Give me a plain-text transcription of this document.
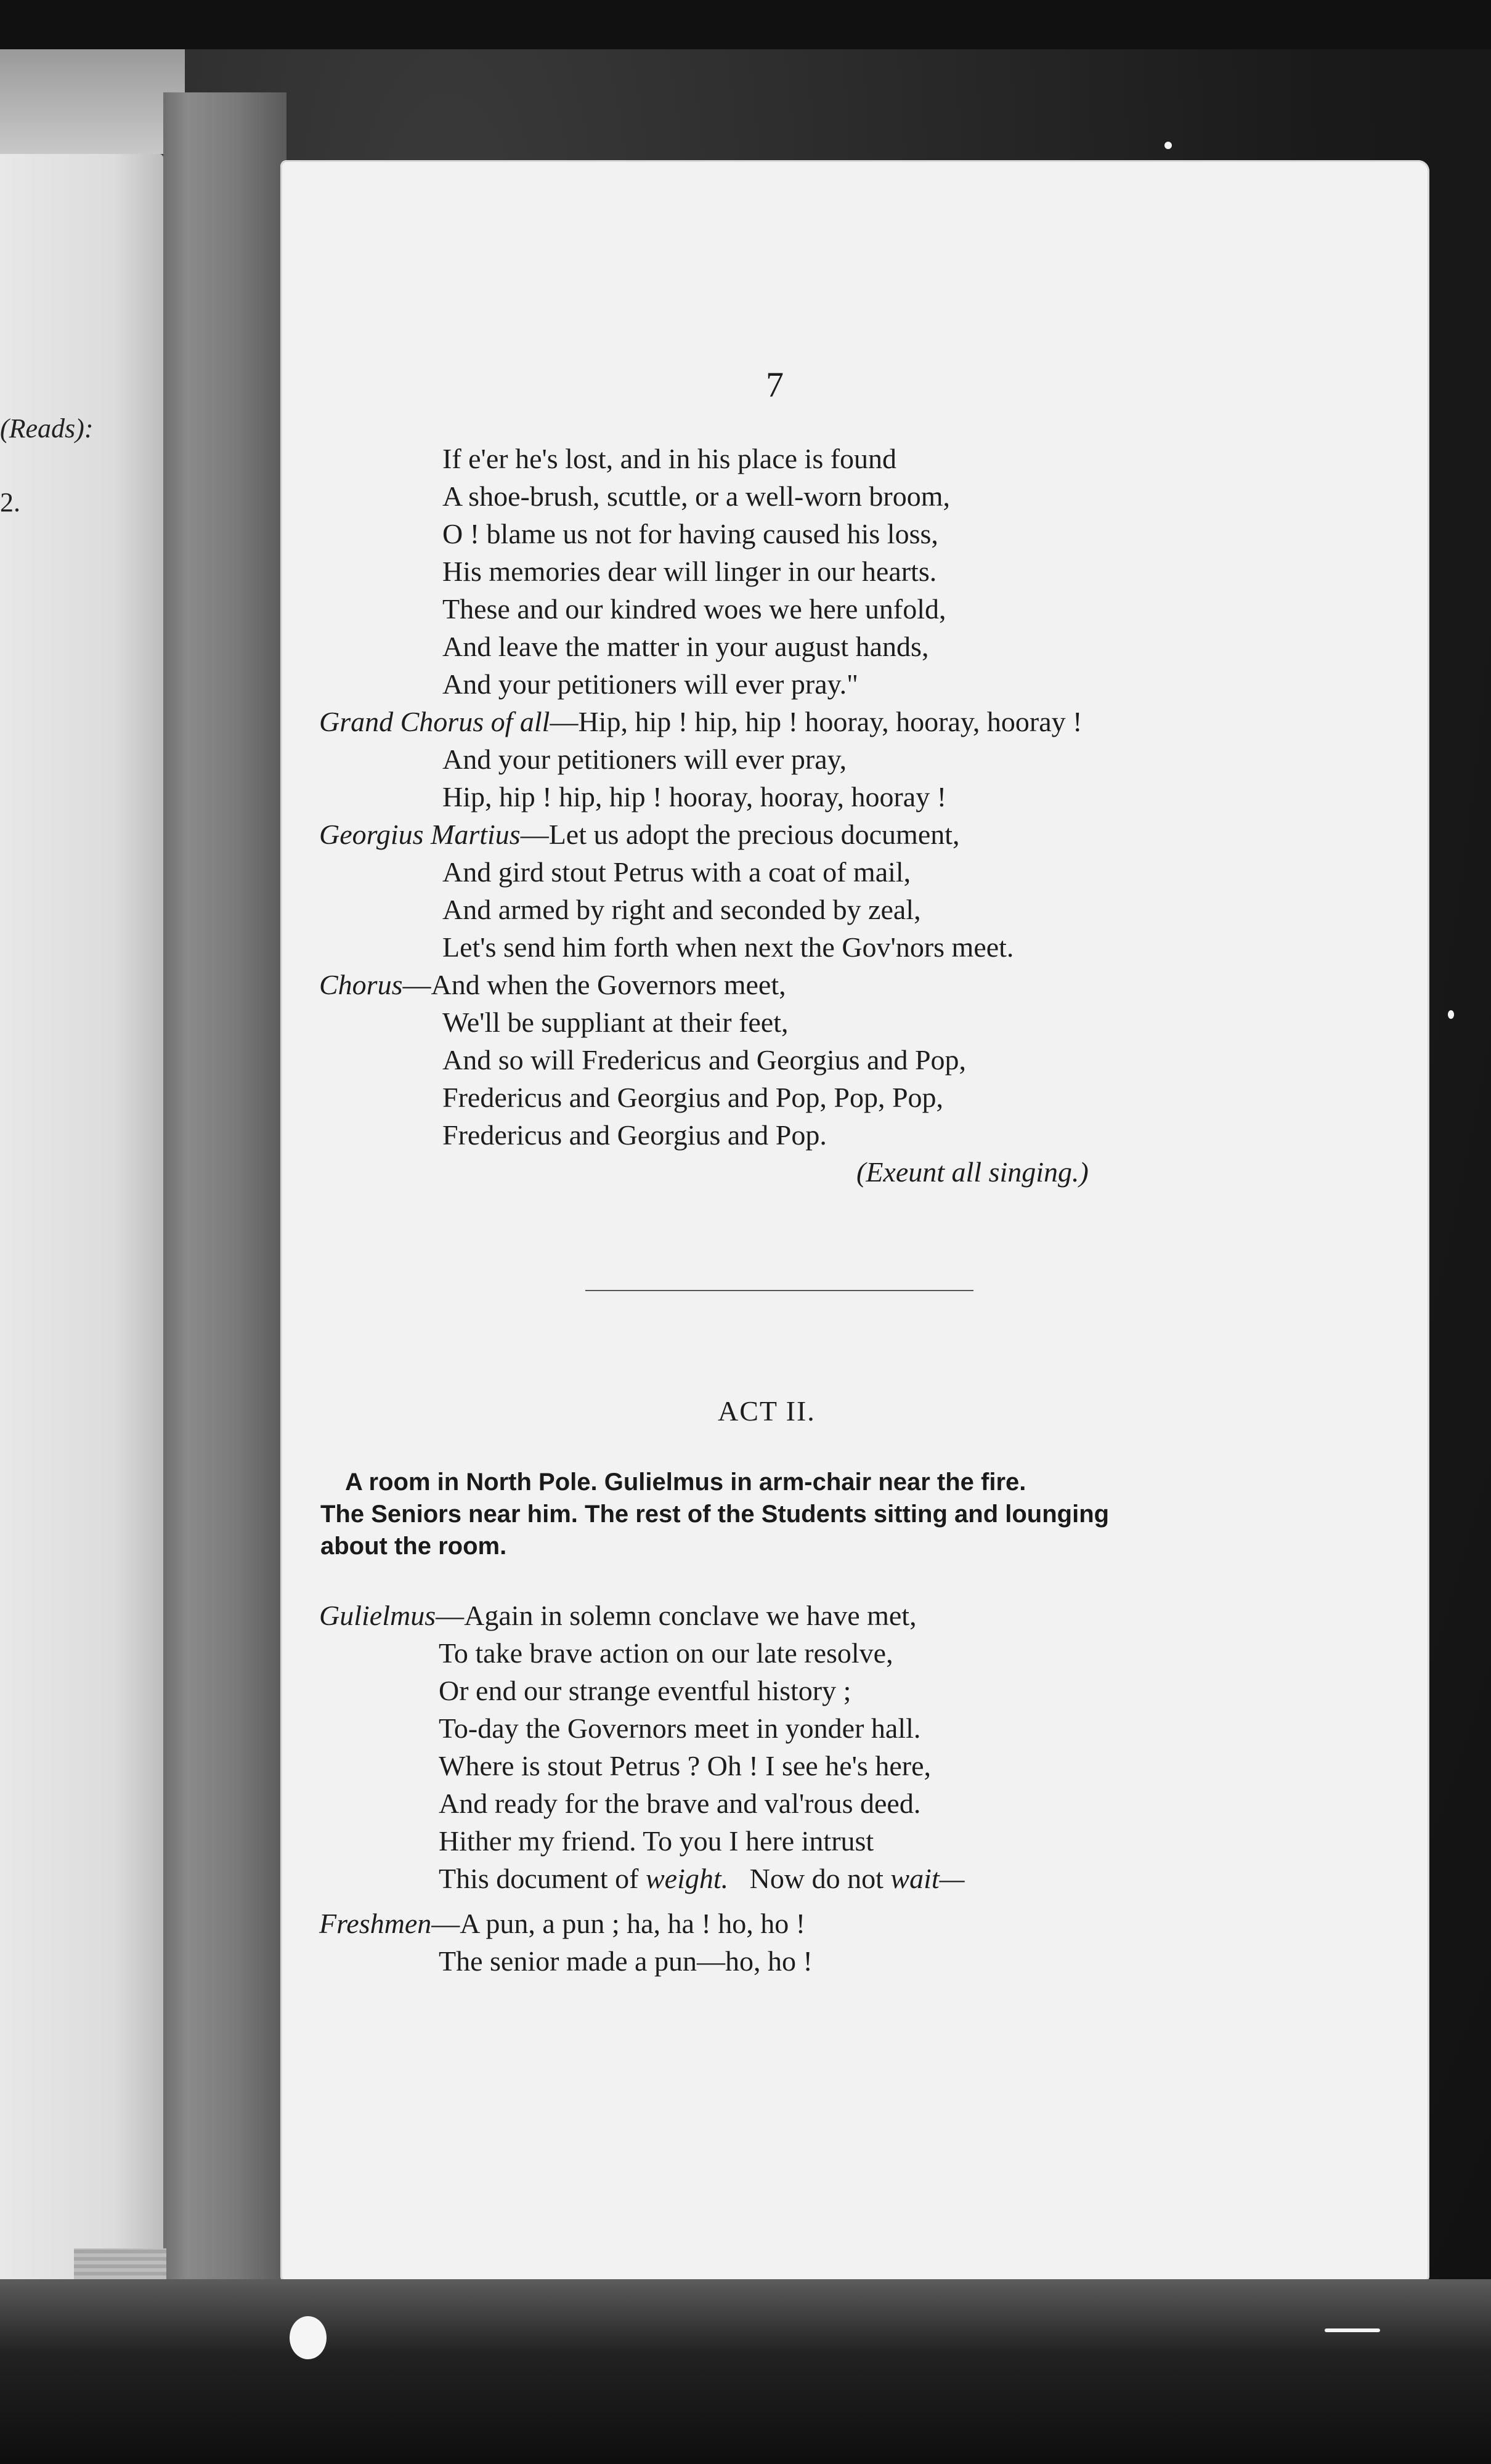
(Reads):
2.
7
If e'er he's lost, and in his place is found
A shoe-brush, scuttle, or a well-worn broom,
O ! blame us not for having caused his loss,
His memories dear will linger in our hearts.
These and our kindred woes we here unfold,
And leave the matter in your august hands,
And your petitioners will ever pray."
Grand Chorus of all—Hip, hip ! hip, hip ! hooray, hooray, hooray !
And your petitioners will ever pray,
Hip, hip ! hip, hip ! hooray, hooray, hooray !
Georgius Martius—Let us adopt the precious document,
And gird stout Petrus with a coat of mail,
And armed by right and seconded by zeal,
Let's send him forth when next the Gov'nors meet.
Chorus—And when the Governors meet,
We'll be suppliant at their feet,
And so will Fredericus and Georgius and Pop,
Fredericus and Georgius and Pop, Pop, Pop,
Fredericus and Georgius and Pop.
(Exeunt all singing.)
ACT II.
A room in North Pole. Gulielmus in arm-chair near the fire.
The Seniors near him. The rest of the Students sitting and lounging
about the room.
Gulielmus—Again in solemn conclave we have met,
To take brave action on our late resolve,
Or end our strange eventful history ;
To-day the Governors meet in yonder hall.
Where is stout Petrus ? Oh ! I see he's here,
And ready for the brave and val'rous deed.
Hither my friend. To you I here intrust
This document of weight.   Now do not wait—
Freshmen—A pun, a pun ; ha, ha ! ho, ho !
The senior made a pun—ho, ho !
